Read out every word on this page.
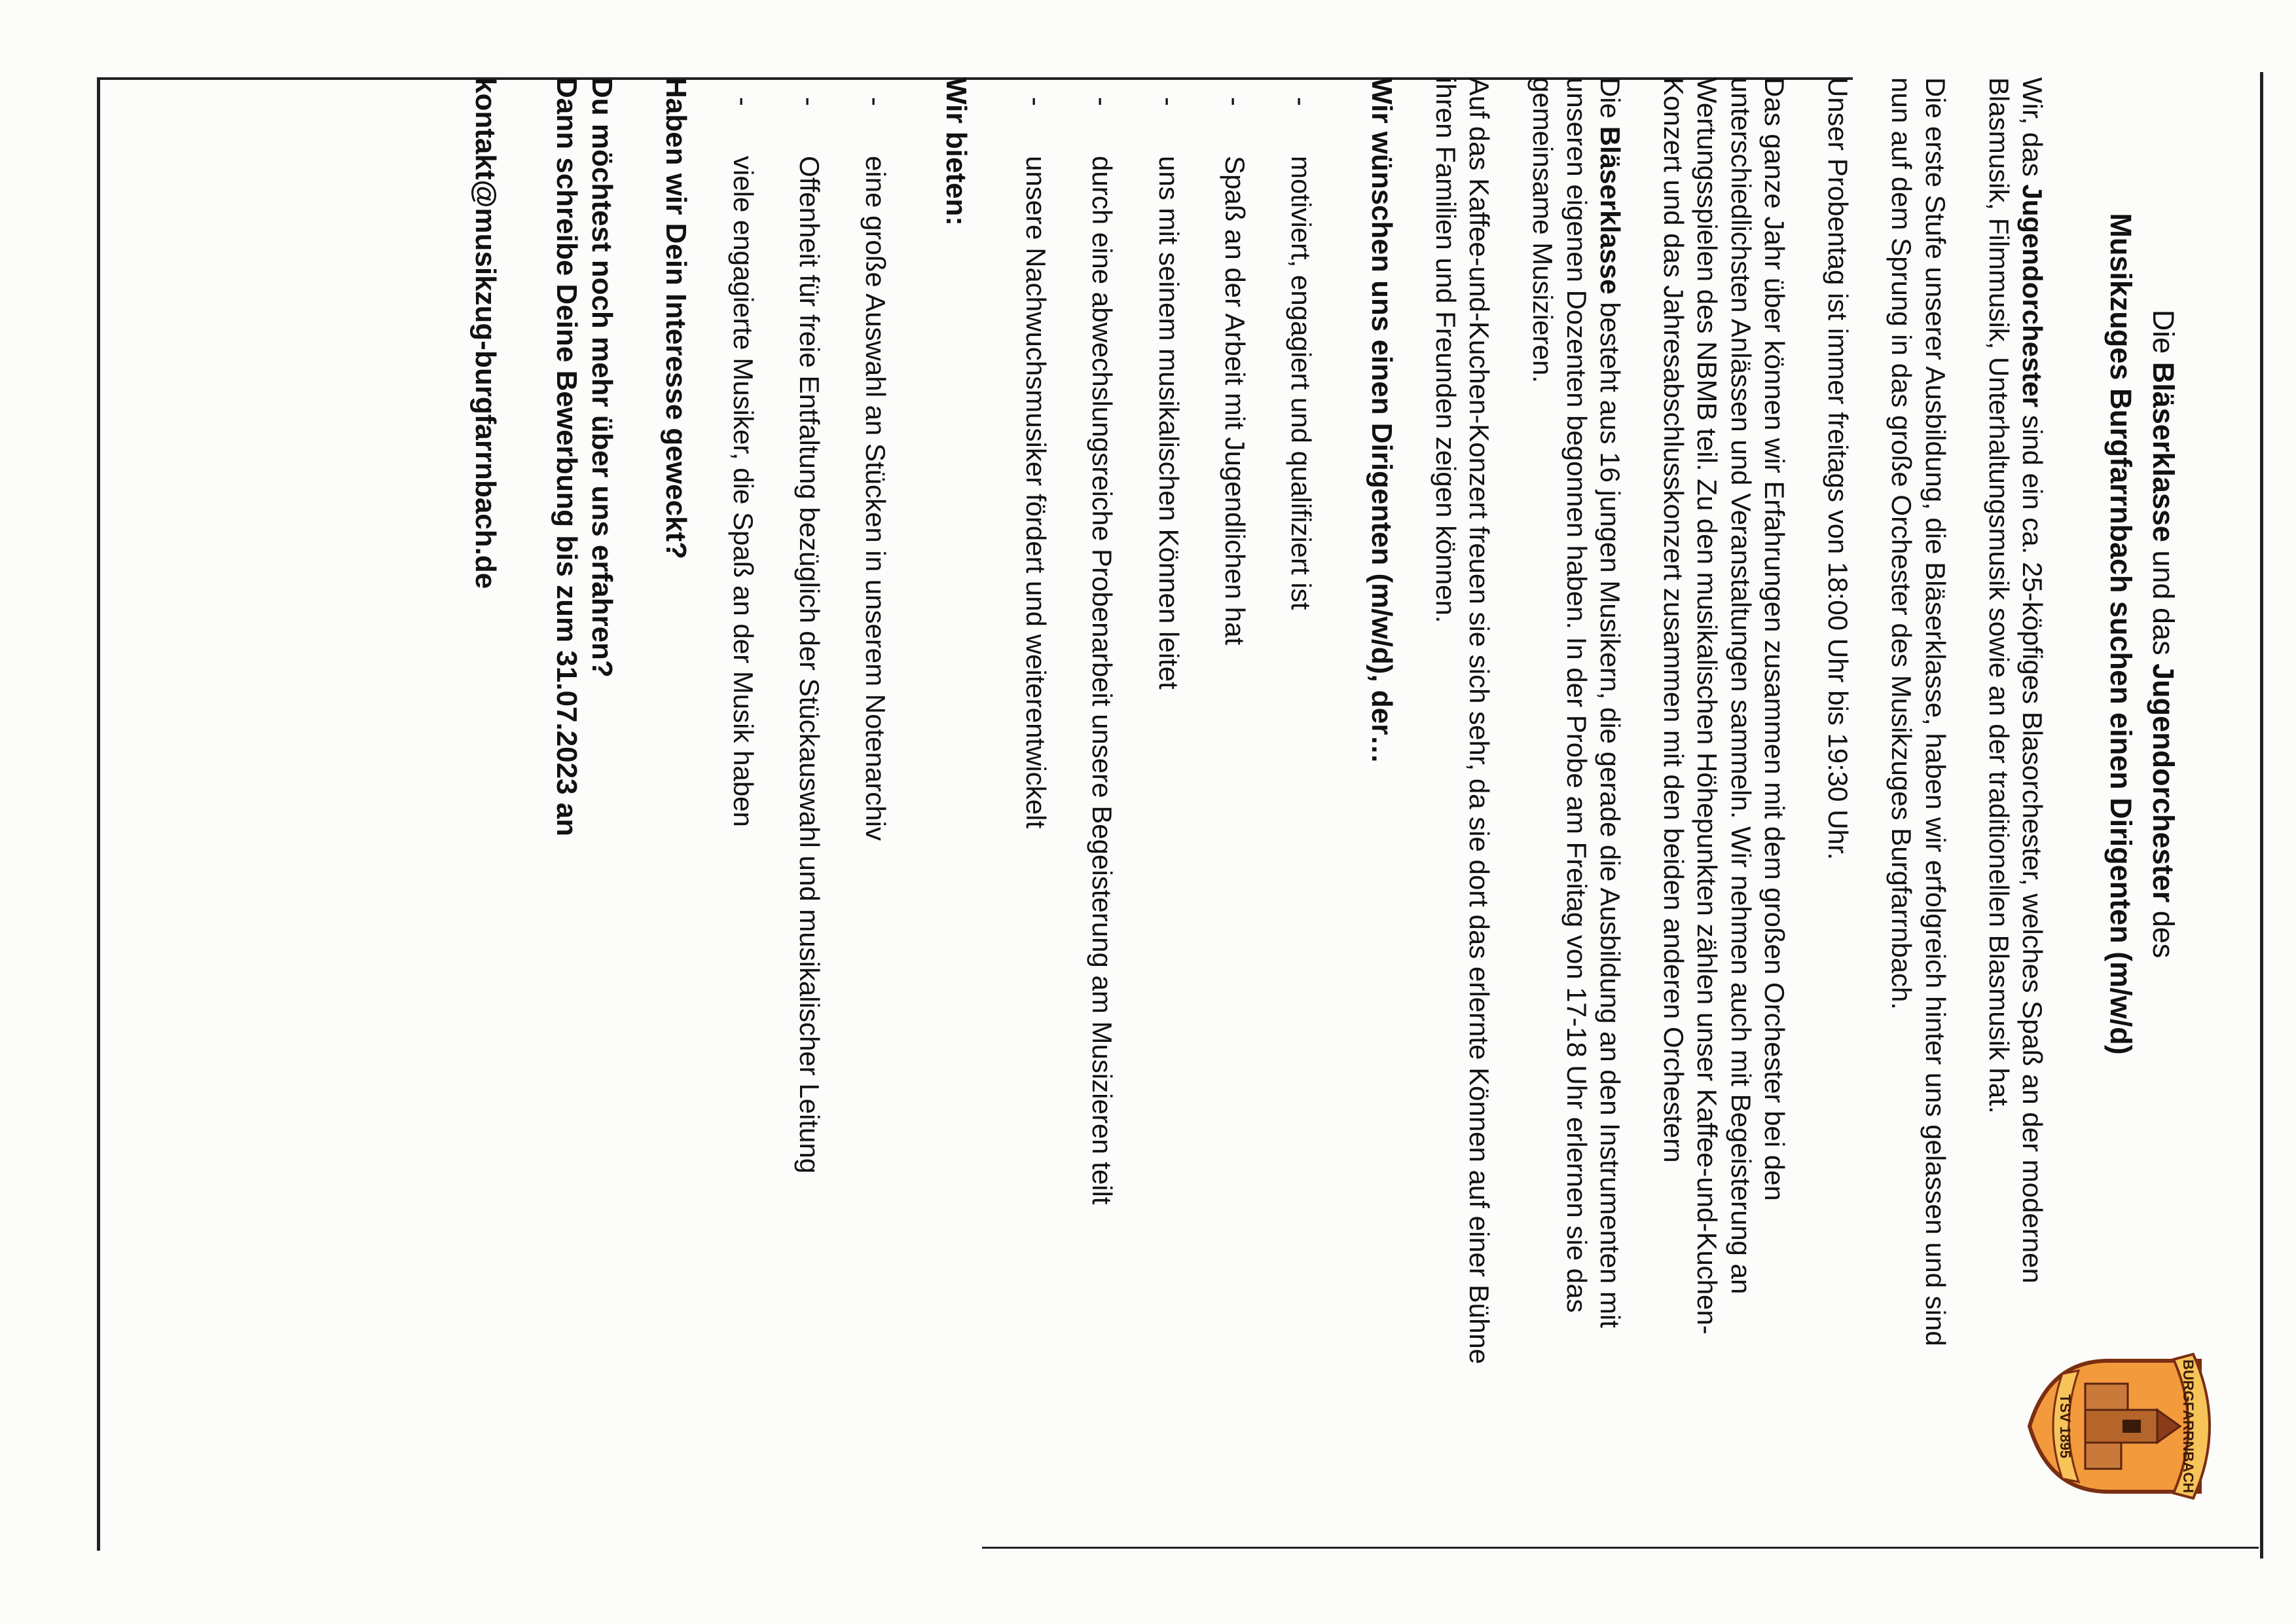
Die Bläserklasse und das Jugendorchester des
Musikzuges Burgfarrnbach suchen einen Dirigenten (m/w/d)
BURGFARRNBACH
TSV 1895

Wir, das Jugendorchester sind ein ca. 25-köpfiges Blasorchester, welches Spaß an der modernen Blasmusik, Filmmusik, Unterhaltungsmusik sowie an der traditionellen Blasmusik hat.

Die erste Stufe unserer Ausbildung, die Bläserklasse, haben wir erfolgreich hinter uns gelassen und sind nun auf dem Sprung in das große Orchester des Musikzuges Burgfarrnbach.

Unser Probentag ist immer freitags von 18:00 Uhr bis 19:30 Uhr.

Das ganze Jahr über können wir Erfahrungen zusammen mit dem großen Orchester bei den unterschiedlichsten Anlässen und Veranstaltungen sammeln. Wir nehmen auch mit Begeisterung an Wertungsspielen des NBMB teil. Zu den musikalischen Höhepunkten zählen unser Kaffee-und-Kuchen-Konzert und das Jahresabschlusskonzert zusammen mit den beiden anderen Orchestern

Die Bläserklasse besteht aus 16 jungen Musikern, die gerade die Ausbildung an den Instrumenten mit unseren eigenen Dozenten begonnen haben. In der Probe am Freitag von 17-18 Uhr erlernen sie das gemeinsame Musizieren.

Auf das Kaffee-und-Kuchen-Konzert freuen sie sich sehr, da sie dort das erlernte Können auf einer Bühne ihren Familien und Freunden zeigen können.

Wir wünschen uns einen Dirigenten (m/w/d), der…
-
motiviert, engagiert und qualifiziert ist
-
Spaß an der Arbeit mit Jugendlichen hat
-
uns mit seinem musikalischen Können leitet
-
durch eine abwechslungsreiche Probenarbeit unsere Begeisterung am Musizieren teilt
-
unsere Nachwuchsmusiker fördert und weiterentwickelt
Wir bieten:
-
eine große Auswahl an Stücken in unserem Notenarchiv
-
Offenheit für freie Entfaltung bezüglich der Stückauswahl und musikalischer Leitung
-
viele engagierte Musiker, die Spaß an der Musik haben
Haben wir Dein Interesse geweckt?
Du möchtest noch mehr über uns erfahren?
Dann schreibe Deine Bewerbung bis zum 31.07.2023 an
kontakt@musikzug-burgfarrnbach.de
